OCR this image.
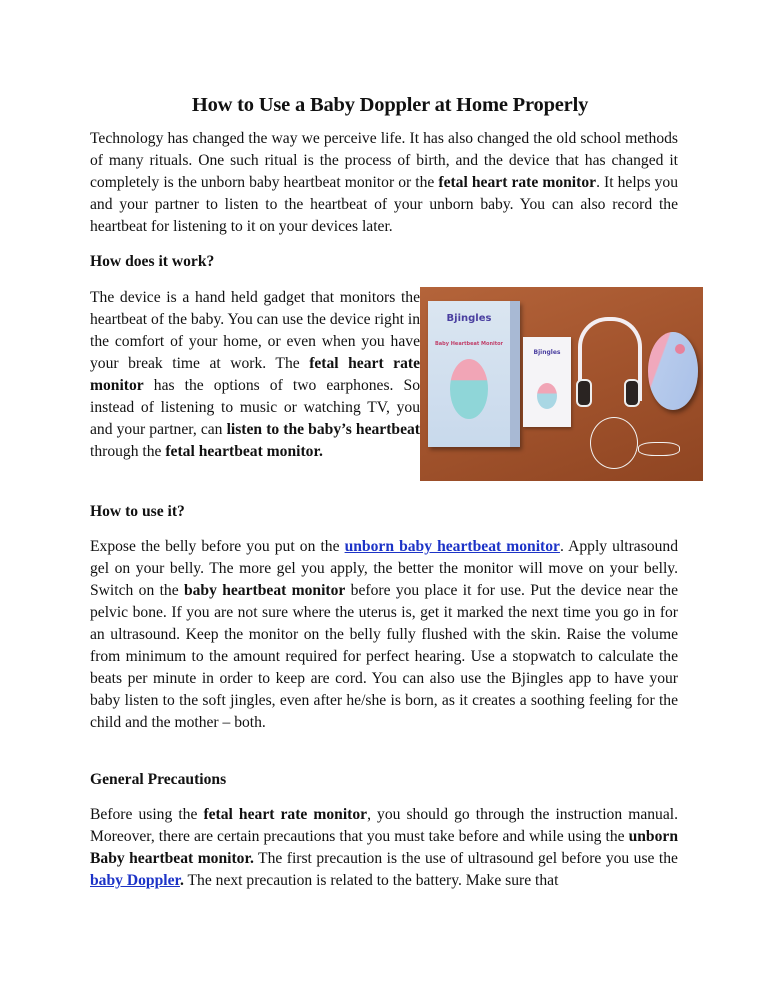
How to Use a Baby Doppler at Home Properly

Technology has changed the way we perceive life. It has also changed the old school methods of many rituals. One such ritual is the process of birth, and the device that has changed it completely is the unborn baby heartbeat monitor or the fetal heart rate monitor. It helps you and your partner to listen to the heartbeat of your unborn baby. You can also record the heartbeat for listening to it on your devices later.

How does it work?

The device is a hand held gadget that monitors the heartbeat of the baby. You can use the device right in the comfort of your home, or even when you have your break time at work. The fetal heart rate monitor has the options of two earphones. So instead of listening to music or watching TV, you and your partner, can listen to the baby’s heartbeat through the fetal heartbeat monitor.

Bjingles
Baby Heartbeat Monitor
Bjingles
How to use it?

Expose the belly before you put on the unborn baby heartbeat monitor. Apply ultrasound gel on your belly. The more gel you apply, the better the monitor will move on your belly. Switch on the baby heartbeat monitor before you place it for use. Put the device near the pelvic bone. If you are not sure where the uterus is, get it marked the next time you go in for an ultrasound. Keep the monitor on the belly fully flushed with the skin. Raise the volume from minimum to the amount required for perfect hearing. Use a stopwatch to calculate the beats per minute in order to keep are cord. You can also use the Bjingles app to have your baby listen to the soft jingles, even after he/she is born, as it creates a soothing feeling for the child and the mother – both.

General Precautions

Before using the fetal heart rate monitor, you should go through the instruction manual. Moreover, there are certain precautions that you must take before and while using the unborn Baby heartbeat monitor. The first precaution is the use of ultrasound gel before you use the baby Doppler. The next precaution is related to the battery. Make sure that
